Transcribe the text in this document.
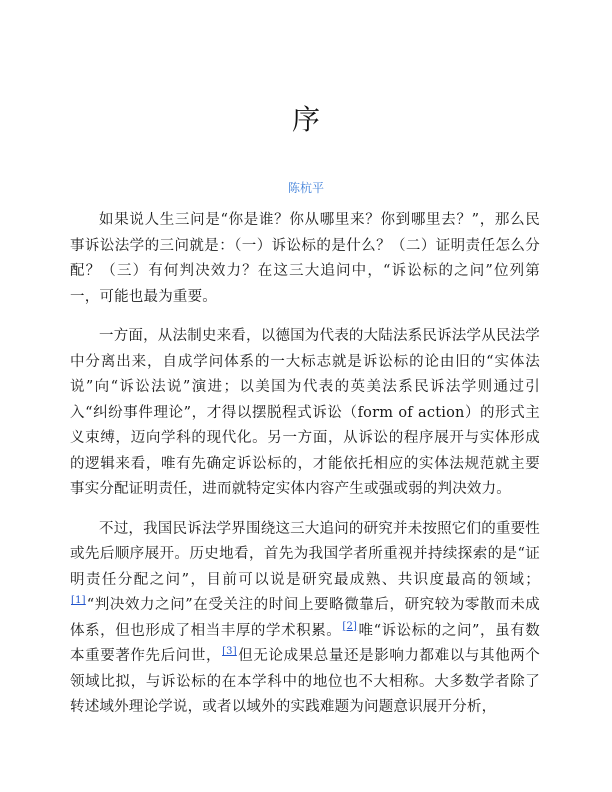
序
陈杭平

如果说人生三问是“你是谁？你从哪里来？你到哪里去？”，那么民事诉讼法学的三问就是：（一）诉讼标的是什么？（二）证明责任怎么分配？（三）有何判决效力？在这三大追问中，“诉讼标的之问”位列第一，可能也最为重要。

一方面，从法制史来看，以德国为代表的大陆法系民诉法学从民法学中分离出来，自成学问体系的一大标志就是诉讼标的论由旧的“实体法说”向“诉讼法说”演进；以美国为代表的英美法系民诉法学则通过引入“纠纷事件理论”，才得以摆脱程式诉讼（form of action）的形式主义束缚，迈向学科的现代化。另一方面，从诉讼的程序展开与实体形成的逻辑来看，唯有先确定诉讼标的，才能依托相应的实体法规范就主要事实分配证明责任，进而就特定实体内容产生或强或弱的判决效力。

不过，我国民诉法学界围绕这三大追问的研究并未按照它们的重要性或先后顺序展开。历史地看，首先为我国学者所重视并持续探索的是“证明责任分配之问”，目前可以说是研究最成熟、共识度最高的领域；[1]“判决效力之问”在受关注的时间上要略微靠后，研究较为零散而未成体系，但也形成了相当丰厚的学术积累。[2]唯“诉讼标的之问”，虽有数本重要著作先后问世，[3]但无论成果总量还是影响力都难以与其他两个领域比拟，与诉讼标的在本学科中的地位也不大相称。大多数学者除了转述域外理论学说，或者以域外的实践难题为问题意识展开分析，
